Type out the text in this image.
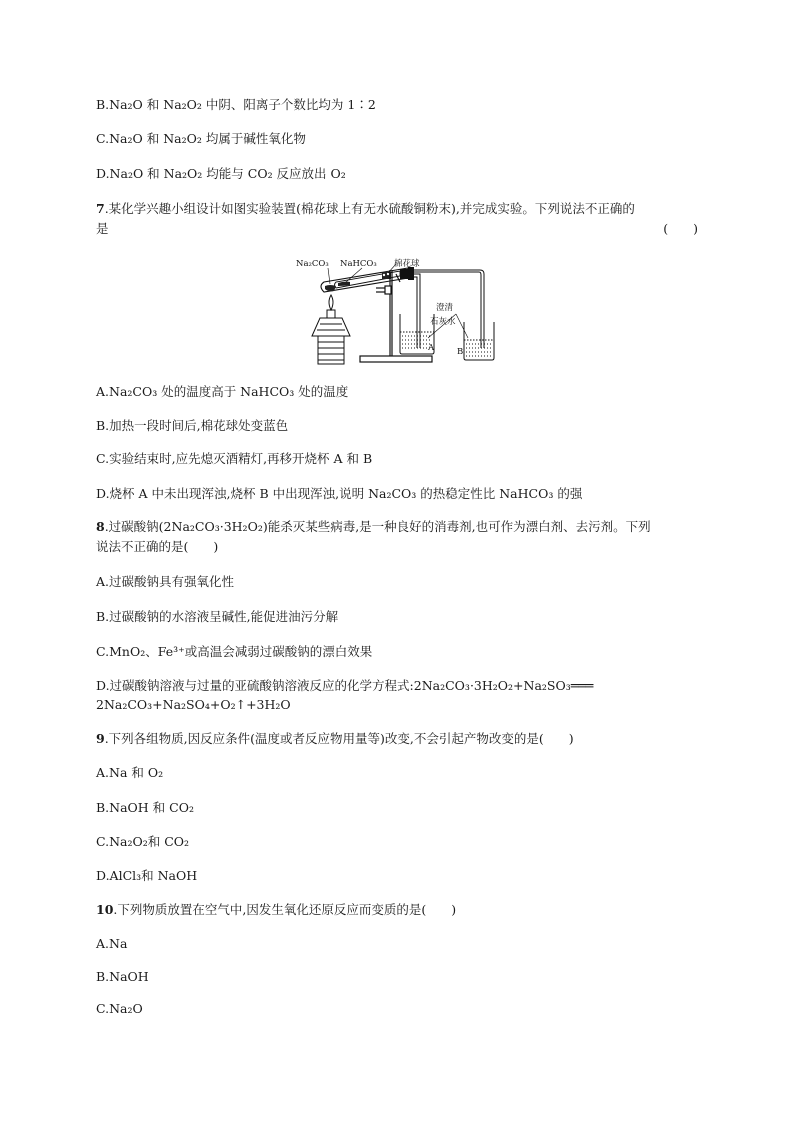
B.Na₂O 和 Na₂O₂ 中阴、阳离子个数比均为 1∶2
C.Na₂O 和 Na₂O₂ 均属于碱性氧化物
D.Na₂O 和 Na₂O₂ 均能与 CO₂ 反应放出 O₂
7.某化学兴趣小组设计如图实验装置(棉花球上有无水硫酸铜粉末),并完成实验。下列说法不正确的
是	(　　)
Na₂CO₃ NaHCO₃ 棉花球
澄清
石灰水
A	B
A.Na₂CO₃ 处的温度高于 NaHCO₃ 处的温度
B.加热一段时间后,棉花球处变蓝色
C.实验结束时,应先熄灭酒精灯,再移开烧杯 A 和 B
D.烧杯 A 中未出现浑浊,烧杯 B 中出现浑浊,说明 Na₂CO₃ 的热稳定性比 NaHCO₃ 的强
8.过碳酸钠(2Na₂CO₃·3H₂O₂)能杀灭某些病毒,是一种良好的消毒剂,也可作为漂白剂、去污剂。下列
说法不正确的是(　　)
A.过碳酸钠具有强氧化性
B.过碳酸钠的水溶液呈碱性,能促进油污分解
C.MnO₂、Fe³⁺或高温会减弱过碳酸钠的漂白效果
D.过碳酸钠溶液与过量的亚硫酸钠溶液反应的化学方程式:2Na₂CO₃·3H₂O₂+Na₂SO₃═══
2Na₂CO₃+Na₂SO₄+O₂↑+3H₂O
9.下列各组物质,因反应条件(温度或者反应物用量等)改变,不会引起产物改变的是(　　)
A.Na 和 O₂
B.NaOH 和 CO₂
C.Na₂O₂和 CO₂
D.AlCl₃和 NaOH
10.下列物质放置在空气中,因发生氧化还原反应而变质的是(　　)
A.Na
B.NaOH
C.Na₂O
